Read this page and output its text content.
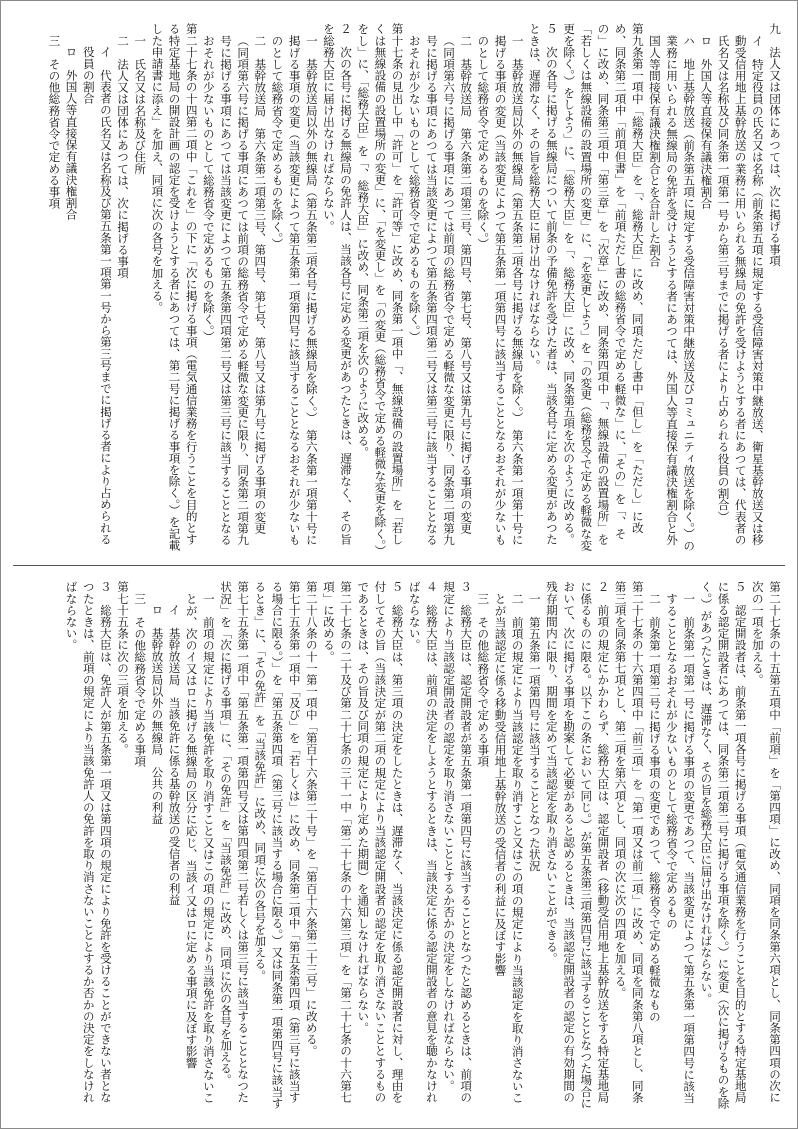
九　法人又は団体にあつては、次に掲げる事項

イ　特定役員の氏名又は名称（前条第五項に規定する受信障害対策中継放送、衛星基幹放送又は移動受信用地上基幹放送の業務に用いられる無線局の免許を受けようとする者にあつては、代表者の氏名又は名称及び同条第一項第一号から第三号までに掲げる者により占められる役員の割合）

ロ　外国人等直接保有議決権割合

ハ　地上基幹放送（前条第五項に規定する受信障害対策中継放送及びコミュニティ放送を除く。）の業務に用いられる無線局の免許を受けようとする者にあつては、外国人等直接保有議決権割合と外国人等間接保有議決権割合とを合計した割合

第九条第一項中「総務大臣」を「、総務大臣」に改め、同項ただし書中「但し」を「ただし」に改め、同条第二項中「前項但書」を「前項ただし書の総務省令で定める軽微な」に、「その」を「、その」に改め、同条第三項中「第三章」を「次章」に改め、同条第四項中「、無線設備の設置場所」を「若しくは無線設備の設置場所の変更」に、「を変更しよう」を「の変更（総務省令で定める軽微な変更を除く。）をしよう」に、「総務大臣」を「、総務大臣」に改め、同条第五項を次のように改める。

５　次の各号に掲げる無線局について前条の予備免許を受けた者は、当該各号に定める変更があつたときは、遅滞なく、その旨を総務大臣に届け出なければならない。

一　基幹放送局以外の無線局（第五条第二項各号に掲げる無線局を除く。）　第六条第一項第十号に掲げる事項の変更（当該変更によつて第五条第一項第四号に該当することとなるおそれが少ないものとして総務省令で定めるものを除く。）

二　基幹放送局　第六条第二項第三号、第四号、第七号、第八号又は第九号に掲げる事項の変更（同項第六号に掲げる事項にあつては前項の総務省令で定める軽微な変更に限り、同条第二項第九号に掲げる事項にあつては当該変更によつて第五条第四項第二号又は第三号に該当することとなるおそれが少ないものとして総務省令で定めるものを除く。）

第十七条の見出し中「許可」を「許可等」に改め、同条第一項中「、無線設備の設置場所」を「若しくは無線設備の設置場所の変更」に、「を変更し」を「の変更（総務省令で定める軽微な変更を除く。）をし」に、「総務大臣」を「、総務大臣」に改め、同条第二項を次のように改める。

２　次の各号に掲げる無線局の免許人は、当該各号に定める変更があつたときは、遅滞なく、その旨を総務大臣に届け出なければならない。

一　基幹放送局以外の無線局（第五条第二項各号に掲げる無線局を除く。）　第六条第一項第十号に掲げる事項の変更（当該変更によつて第五条第一項第四号に該当することとなるおそれが少ないものとして総務省令で定めるものを除く。）

二　基幹放送局　第六条第二項第三号、第四号、第七号、第八号又は第九号に掲げる事項の変更（同項第六号に掲げる事項にあつては前項の総務省令で定める軽微な変更に限り、同条第二項第九号に掲げる事項にあつては当該変更によつて第五条第四項第二号又は第三号に該当することとなるおそれが少ないものとして総務省令で定めるものを除く。）

第二十七条の十四第二項中「これを」の下に「次に掲げる事項（電気通信業務を行うことを目的とする特定基地局の開設計画の認定を受けようとする者にあつては、第二号に掲げる事項を除く。）を記載した申請書に添え」を加え、同項に次の各号を加える。

一　氏名又は名称及び住所

二　法人又は団体にあつては、次に掲げる事項

イ　代表者の氏名又は名称及び第五条第一項第一号から第三号までに掲げる者により占められる役員の割合

ロ　外国人等直接保有議決権割合

三　その他総務省令で定める事項

第二十七条の十五第五項中「前項」を「第四項」に改め、同項を同条第六項とし、同条第四項の次に次の一項を加える。

５　認定開設者は、前条第一項各号に掲げる事項（電気通信業務を行うことを目的とする特定基地局に係る認定開設者にあつては、同条第二項第二号に掲げる事項を除く。）に変更（次に掲げるものを除く。）があつたときは、遅滞なく、その旨を総務大臣に届け出なければならない。

一　前条第一項第一号に掲げる事項の変更であつて、当該変更によつて第五条第一項第四号に該当することとなるおそれが少ないものとして総務省令で定めるもの

二　前条第一項第二号に掲げる事項の変更であつて、総務省令で定める軽微なもの

第二十七条の十六第四項中「前三項」を「第一項又は前二項」に改め、同項を同条第八項とし、同条第三項を同条第七項とし、第二項を第六項とし、同項の次に次の四項を加える。

２　前項の規定にかかわらず、総務大臣は、認定開設者（移動受信用地上基幹放送をする特定基地局に係るものに限る。以下この条において同じ。）が第五条第三項第四号に該当することとなつた場合において、次に掲げる事項を勘案して必要があると認めるときは、当該認定開設者の認定の有効期間の残存期間内に限り、期間を定めて当該認定を取り消さないことができる。

一　第五条第一項第四号に該当することとなつた状況

二　前項の規定により当該認定を取り消すこと又はこの項の規定により当該認定を取り消さないことが当該認定に係る移動受信用地上基幹放送の受信者の利益に及ぼす影響

三　その他総務省令で定める事項

３　総務大臣は、認定開設者が第五条第一項第四号に該当することとなつたと認めるときは、前項の規定により当該認定開設者の認定を取り消さないこととするか否かの決定をしなければならない。

４　総務大臣は、前項の決定をしようとするときは、当該決定に係る認定開設者の意見を聴かなければならない。

５　総務大臣は、第三項の決定をしたときは、遅滞なく、当該決定に係る認定開設者に対し、理由を付してその旨（当該決定が第二項の規定により当該認定開設者の認定を取り消さないこととするものであるときは、その旨及び同項の規定により定めた期間）を通知しなければならない。

第二十七条の二十及び第二十七条の三十一中「第二十七条の十六第三項」を「第二十七条の十六第七項」に改める。

第二十八条の十一第一項中「第百十六条第二十号」を「第百十六条第二十三号」に改める。

第七十五条第一項中「及び」を「若しくは」に改め、同条第二項中「第五条第四項（第三号に該当する場合に限る。）」を「第五条第四項（第三号に該当する場合に限る。）又は同条第一項第四号に該当するとき」に、「その免許」を「当該免許」に改め、同項に次の各号を加える。

第七十五条第一項中「第五条第一項第四号又は第四項第二号若しくは第三号に該当することとなつた状況」を「次に掲げる事項」に、「その免許」を「当該免許」に改め、同項に次の各号を加える。

一　前項の規定により当該免許を取り消すこと又はこの項の規定により当該免許を取り消さないことが、次のイ又はロに掲げる無線局の区分に応じ、当該イ又はロに定める事項に及ぼす影響

イ　基幹放送局　当該免許に係る基幹放送の受信者の利益

ロ　基幹放送局以外の無線局　公共の利益

三　その他総務省令で定める事項

第七十五条に次の三項を加える。

３　総務大臣は、免許人が第五条第一項又は第四項の規定により免許を受けることができない者となつたときは、前項の規定により当該免許人の免許を取り消さないこととするか否かの決定をしなければならない。
